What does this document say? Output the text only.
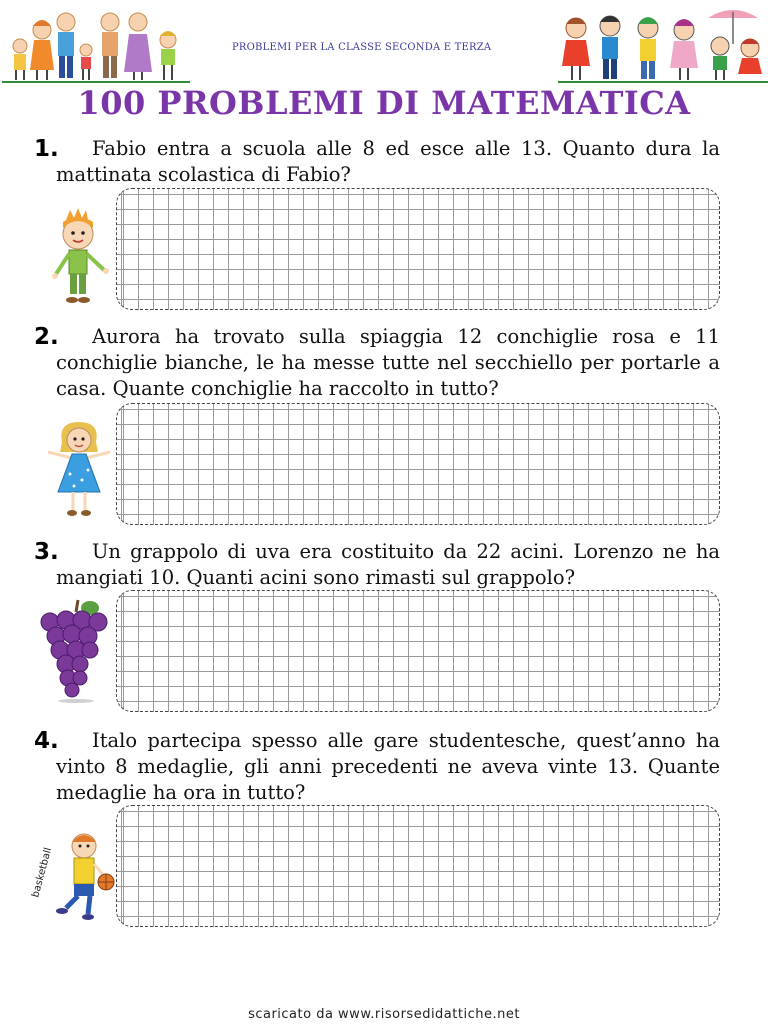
PROBLEMI PER LA CLASSE SECONDA E TERZA
100 PROBLEMI DI MATEMATICA
1.	Fabio entra a scuola alle 8 ed esce alle 13. Quanto dura la mattinata scolastica di Fabio?
2.	Aurora ha trovato sulla spiaggia 12 conchiglie rosa e 11 conchiglie bianche, le ha messe tutte nel secchiello per portarle a casa. Quante conchiglie ha raccolto in tutto?
3.	Un grappolo di uva era costituito da 22 acini. Lorenzo ne ha mangiati 10. Quanti acini sono rimasti sul grappolo?
4.	Italo partecipa spesso alle gare studentesche, quest’anno ha vinto 8 medaglie, gli anni precedenti ne aveva vinte 13. Quante medaglie ha ora in tutto?
basketball
scaricato da www.risorsedidattiche.net
